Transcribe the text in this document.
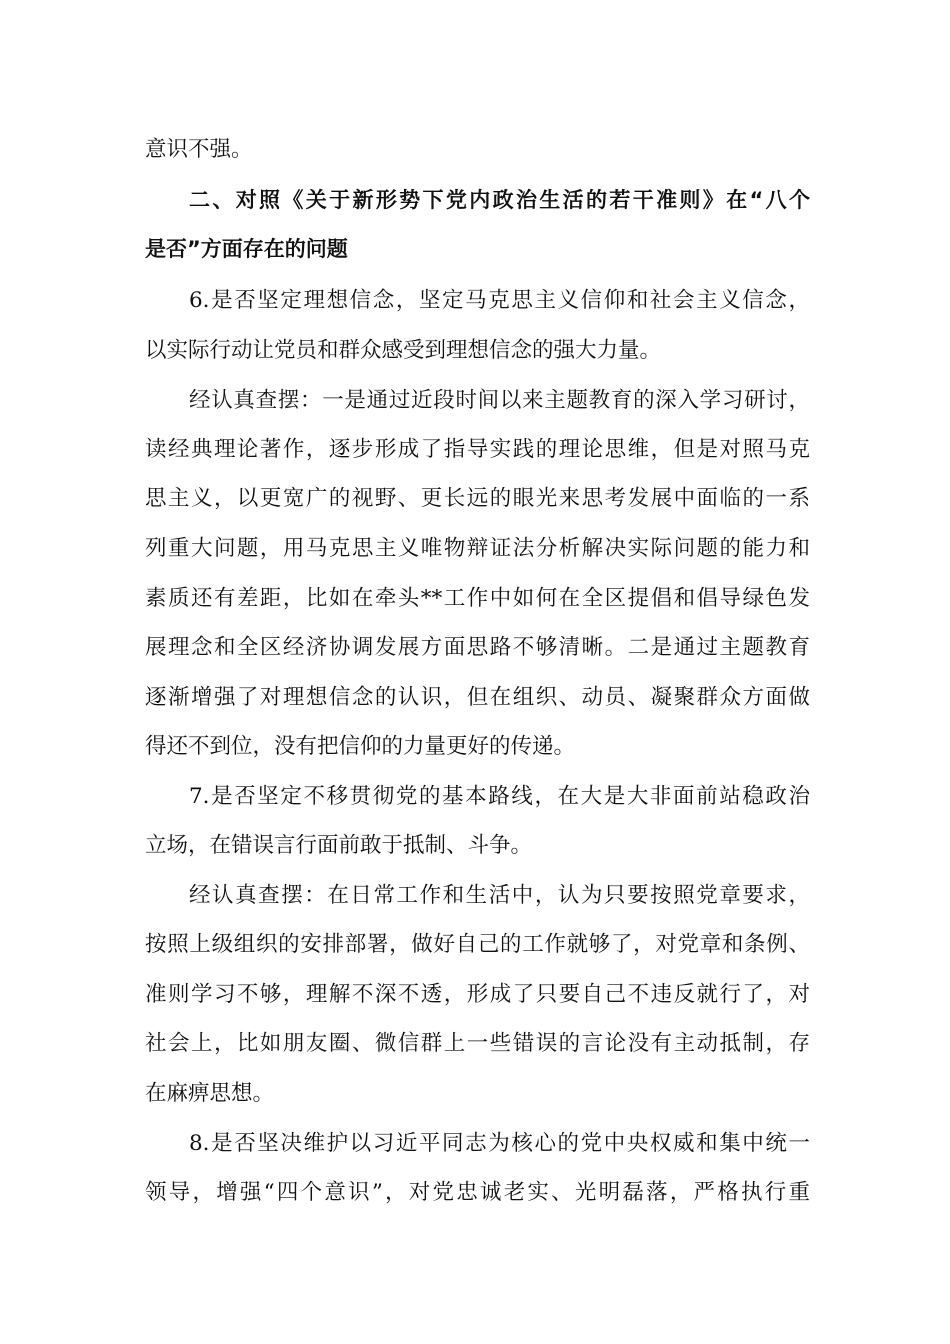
意识不强。
二、对照《关于新形势下党内政治生活的若干准则》在“八个
是否”方面存在的问题
6.是否坚定理想信念，坚定马克思主义信仰和社会主义信念，
以实际行动让党员和群众感受到理想信念的强大力量。
经认真查摆：一是通过近段时间以来主题教育的深入学习研讨，
读经典理论著作，逐步形成了指导实践的理论思维，但是对照马克
思主义，以更宽广的视野、更长远的眼光来思考发展中面临的一系
列重大问题，用马克思主义唯物辩证法分析解决实际问题的能力和
素质还有差距，比如在牵头**工作中如何在全区提倡和倡导绿色发
展理念和全区经济协调发展方面思路不够清晰。二是通过主题教育
逐渐增强了对理想信念的认识，但在组织、动员、凝聚群众方面做
得还不到位，没有把信仰的力量更好的传递。
7.是否坚定不移贯彻党的基本路线，在大是大非面前站稳政治
立场，在错误言行面前敢于抵制、斗争。
经认真查摆：在日常工作和生活中，认为只要按照党章要求，
按照上级组织的安排部署，做好自己的工作就够了，对党章和条例、
准则学习不够，理解不深不透，形成了只要自己不违反就行了，对
社会上，比如朋友圈、微信群上一些错误的言论没有主动抵制，存
在麻痹思想。
8.是否坚决维护以习近平同志为核心的党中央权威和集中统一
领导，增强“四个意识”，对党忠诚老实、光明磊落，严格执行重
